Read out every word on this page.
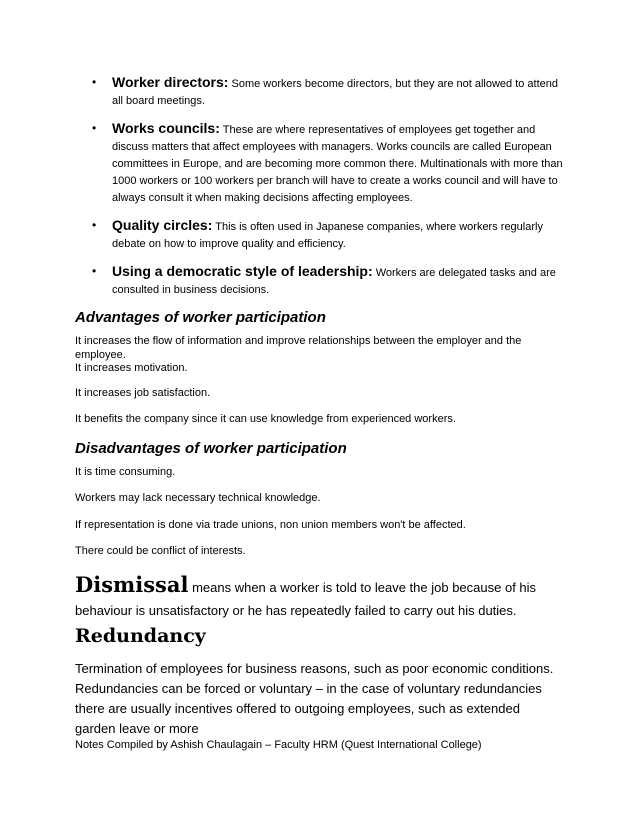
• Worker directors: Some workers become directors, but they are not allowed to attend all board meetings.
• Works councils: These are where representatives of employees get together and discuss matters that affect employees with managers. Works councils are called European committees in Europe, and are becoming more common there. Multinationals with more than 1000 workers or 100 workers per branch will have to create a works council and will have to always consult it when making decisions affecting employees.
• Quality circles: This is often used in Japanese companies, where workers regularly debate on how to improve quality and efficiency.
• Using a democratic style of leadership: Workers are delegated tasks and are consulted in business decisions.
Advantages of worker participation
It increases the flow of information and improve relationships between the employer and the employee.
It increases motivation.
It increases job satisfaction.
It benefits the company since it can use knowledge from experienced workers.
Disadvantages of worker participation
It is time consuming.
Workers may lack necessary technical knowledge.
If representation is done via trade unions, non union members won't be affected.
There could be conflict of interests.
Dismissal means when a worker is told to leave the job because of his behaviour is unsatisfactory or he has repeatedly failed to carry out his duties.
Redundancy
Termination of employees for business reasons, such as poor economic conditions. Redundancies can be forced or voluntary – in the case of voluntary redundancies there are usually incentives offered to outgoing employees, such as extended garden leave or more
Notes Compiled by Ashish Chaulagain – Faculty HRM (Quest International College)
